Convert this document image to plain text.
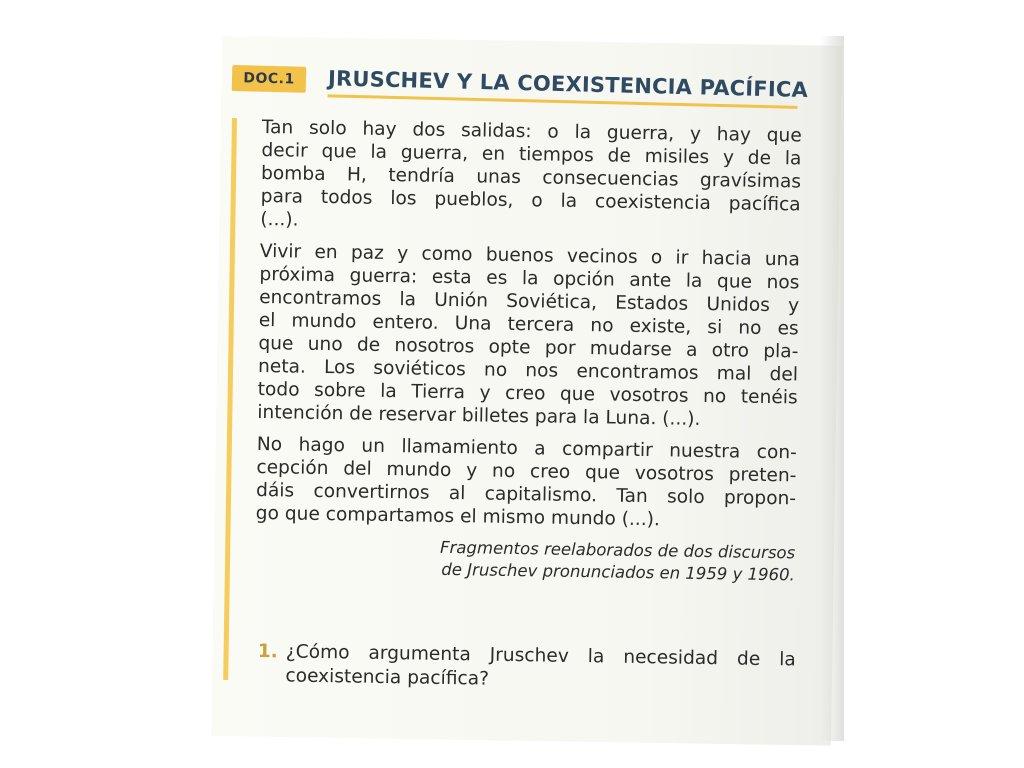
DOC.1	JRUSCHEV Y LA COEXISTENCIA PACÍFICA

Tan solo hay dos salidas: o la guerra, y hay que
decir que la guerra, en tiempos de misiles y de la
bomba H, tendría unas consecuencias gravísimas
para todos los pueblos, o la coexistencia pacífica
(...).

Vivir en paz y como buenos vecinos o ir hacia una
próxima guerra: esta es la opción ante la que nos
encontramos la Unión Soviética, Estados Unidos y
el mundo entero. Una tercera no existe, si no es
que uno de nosotros opte por mudarse a otro pla-
neta. Los soviéticos no nos encontramos mal del
todo sobre la Tierra y creo que vosotros no tenéis
intención de reservar billetes para la Luna. (...).

No hago un llamamiento a compartir nuestra con-
cepción del mundo y no creo que vosotros preten-
dáis convertirnos al capitalismo. Tan solo propon-
go que compartamos el mismo mundo (...).

Fragmentos reelaborados de dos discursos
de Jruschev pronunciados en 1959 y 1960.
1. ¿Cómo argumenta Jruschev la necesidad de la
coexistencia pacífica?
